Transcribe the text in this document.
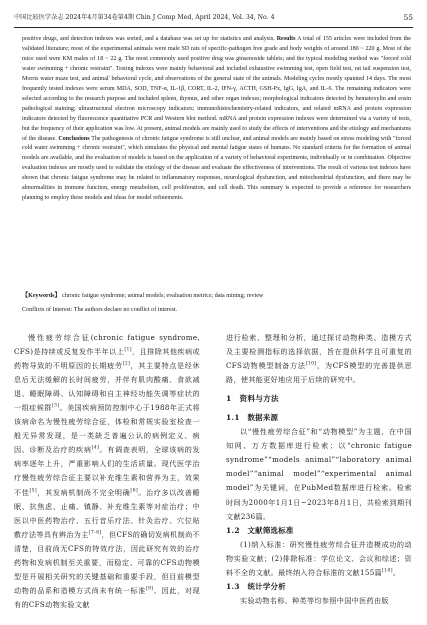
中国比较医学杂志 2024年4月第34卷第4期 Chin J Comp Med, April 2024, Vol. 34, No. 4	55
positive drugs, and detection indexes was sorted, and a database was set up for statistics and analysis. Results A total of 155 articles were included from the validated literature; most of the experimental animals were male SD rats of specific-pathogen free grade and body weights of around 180 ~ 220 g. Most of the mice used were KM males of 18 ~ 22 g. The most commonly used positive drug was ginsenoside tablets; and the typical modeling method was "forced cold water swimming + chronic restraint". Testing indexes were mainly behavioral and included exhaustive swimming test, open field test, rat tail suspension test, Morris water maze test, and animal' behavioral cycle, and observations of the general state of the animals. Modeling cycles mostly spanned 14 days. The most frequently tested indexes were serum MDA, SOD, TNF-α, IL-1β, CORT, IL-2, IFN-γ, ACTH, GSH-Px, IgG, IgA, and IL-6. The remaining indicators were selected according to the research purpose and included spleen, thymus, and other organ indexes; morphological indicators detected by hematoxylin and eosin pathological staining; ultrastructural electron microscopy indicators; immunohistochemistry-related indicators, and related mRNA and protein expression indicators detected by fluorescence quantitative PCR and Western blot method. mRNA and protein expression indexes were determined via a variety of tests, but the frequency of their application was low. At present, animal models are mainly used to study the effects of interventions and the etiology and mechanisms of the disease. Conclusions The pathogenesis of chronic fatigue syndrome is still unclear, and animal models are mainly based on stress modeling with "forced cold water swimming + chronic restraint", which simulates the physical and mental fatigue states of humans. No standard criteria for the formation of animal models are available, and the evaluation of models is based on the application of a variety of behavioral experiments, individually or in combination. Objective evaluation indexes are mostly used to validate the etiology of the disease and evaluate the effectiveness of interventions. The result of various test indexes have shown that chronic fatigue syndrome may be related to inflammatory responses, neurological dysfunction, and mitochondrial dysfunction, and there may be abnormalities in immune function, energy metabolism, cell proliferation, and cell death. This summary is expected to provide a reference for researchers planning to employ these models and ideas for model refinements.
【Keywords】 chronic fatigue syndrome; animal models; evaluation metrics; data mining; review
Conflicts of Interest: The authors declare no conflict of interest.

慢性疲劳综合征(chronic fatigue syndrome, CFS)是持续或反复发作半年以上[1]，且排除其他疾病或药物导致的不明原因的长期疲劳[2]，其主要特点是经休息后无法缓解的长时间疲劳，并伴有肌肉酸痛、食欲减退、睡眠障碍、认知障碍和自主神经功能失调等症状的一组症候群[3]。美国疾病预防控制中心于1988年正式将该病命名为慢性疲劳综合征，体检和常规实验室检查一般无异常发现，是一类缺乏普遍公认的病例定义、病因、诊断及治疗的疾病[4]。有调查表明，全球该病的发病率逐年上升，严重影响人们的生活质量。现代医学治疗慢性疲劳综合征主要以补充维生素和营养为主，效果不佳[5]，其发病机制尚不完全明确[6]。治疗多以改善睡眠、抗焦虑、止痛、镇静、补充维生素等对症治疗；中医以中医药物治疗、五行音乐疗法、针灸治疗、穴位贴敷疗法等具有辨治为主[7-8]，但CFS的确切发病机制尚不清楚，目前尚无CFS的特效疗法，因此研究有效的治疗药物和发病机制至关重要，而稳定、可靠的CFS动物模型是开展相关研究的关键基础和重要手段，但目前模型动物的品系和造模方式尚未有统一标准[9]。因此，对现有的CFS动物实验文献

进行检索、整理和分析，通过探讨动物种类、造模方式及主要检测指标的选择依据，旨在提供科学且可重复的CFS动物模型制备方法[10]，为CFS模型的完善提供思路，使其能更好地应用于后续的研究中。

1　资料与方法

1.1　数据来源

以“慢性疲劳综合征”和“动物模型”为主题，在中国知网、万方数据库进行检索；以“chronic fatigue syndrome”“models animal”“laboratory animal model”“animal model”“experimental animal model”为关键词，在PubMed数据库进行检索。检索时间为2000年1月1日~2023年8月1日，共检索到期刊文献236篇。

1.2　文献筛选标准

(1)纳入标准：研究慢性疲劳综合征并造模成功的动物实验文献；(2)排除标准：学位论文、会议和综述；资料不全的文献。最终纳入符合标准的文献155篇[10]。

1.3　统计学分析

实验动物名称、种类等均参照中国中医药由版
